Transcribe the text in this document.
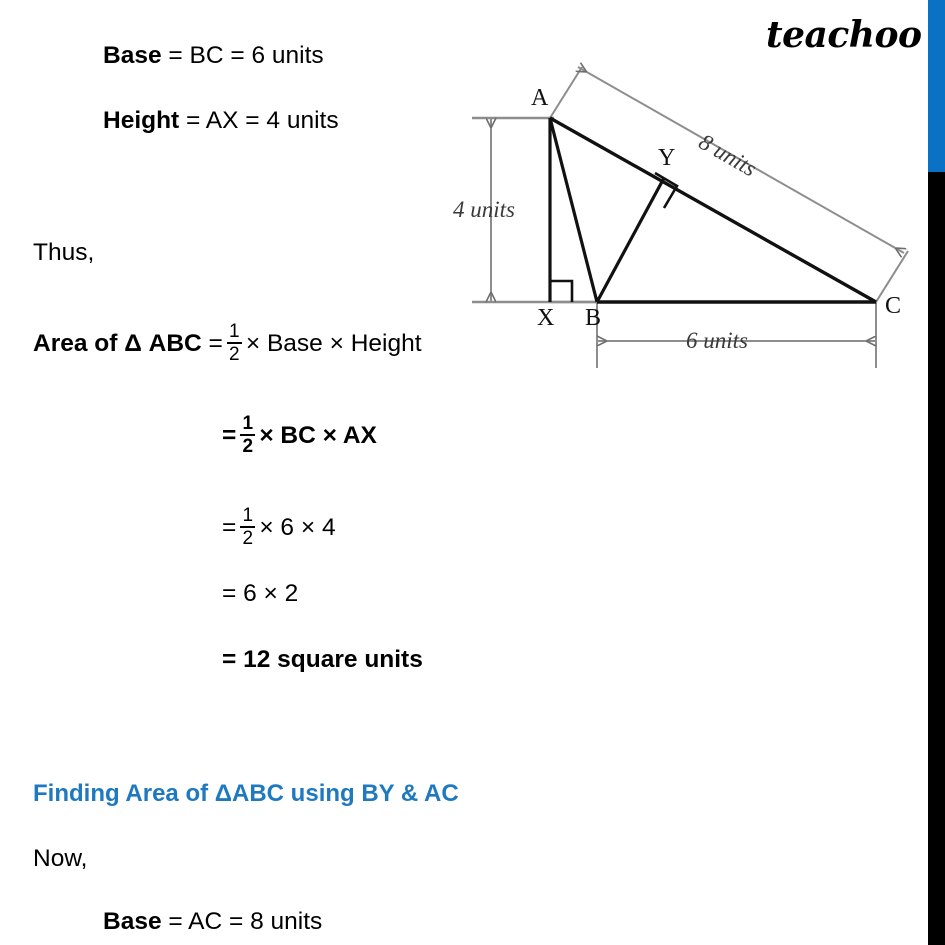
teachoo
Base = BC = 6 units
Height = AX = 4 units
Thus,
Area of Δ ABC = $\frac{1}{2}$ × Base × Height
= $\frac{1}{2}$ × BC × AX
= $\frac{1}{2} \times 6 \times 4$
= 6 × 2
= 12 square units
Finding Area of ΔABC using BY & AC
Now,
Base = AC = 8 units
A
B	C
X
Y
4 units
6 units
8 units
